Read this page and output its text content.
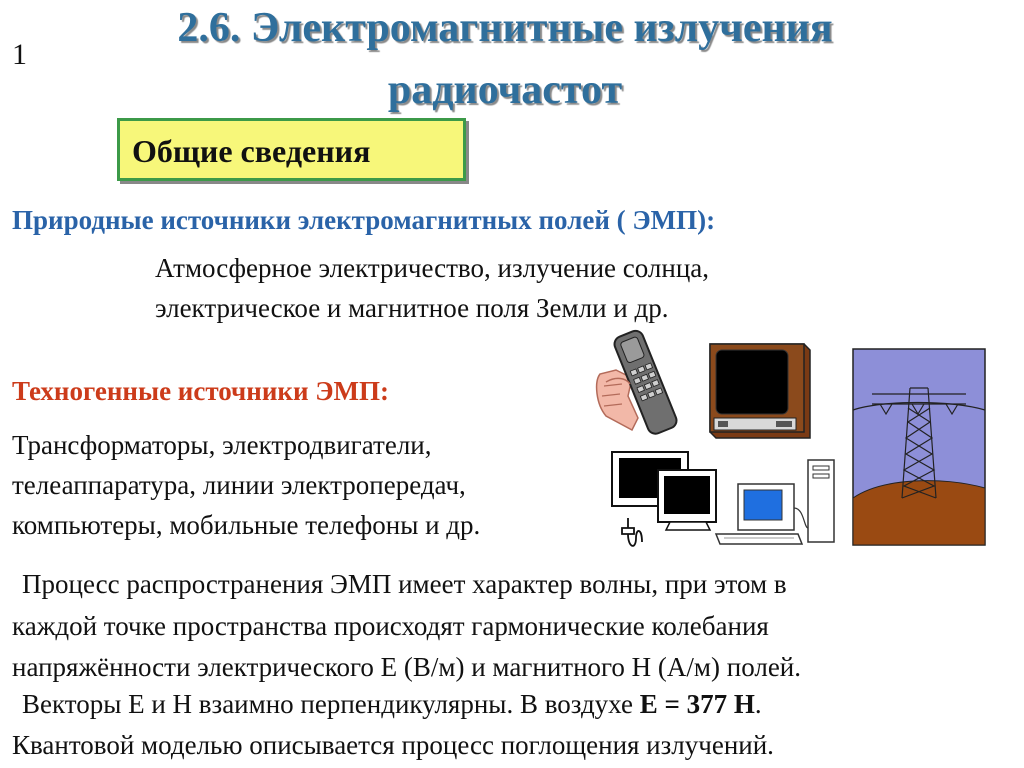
1
2.6. Электромагнитные излучения
радиочастот
Общие сведения
Природные источники электромагнитных полей ( ЭМП):
Атмосферное электричество, излучение солнца,
электрическое и магнитное поля Земли и др.
Техногенные источники ЭМП:
Трансформаторы, электродвигатели,
телеаппаратура, линии электропередач,
компьютеры, мобильные телефоны и др.
Процесс распространения ЭМП имеет характер волны, при этом в
каждой точке пространства происходят гармонические колебания
напряжённости электрического E (В/м) и магнитного H (А/м) полей.
Векторы E и H взаимно перпендикулярны. В воздухе E = 377 H.
Квантовой моделью описывается процесс поглощения излучений.
